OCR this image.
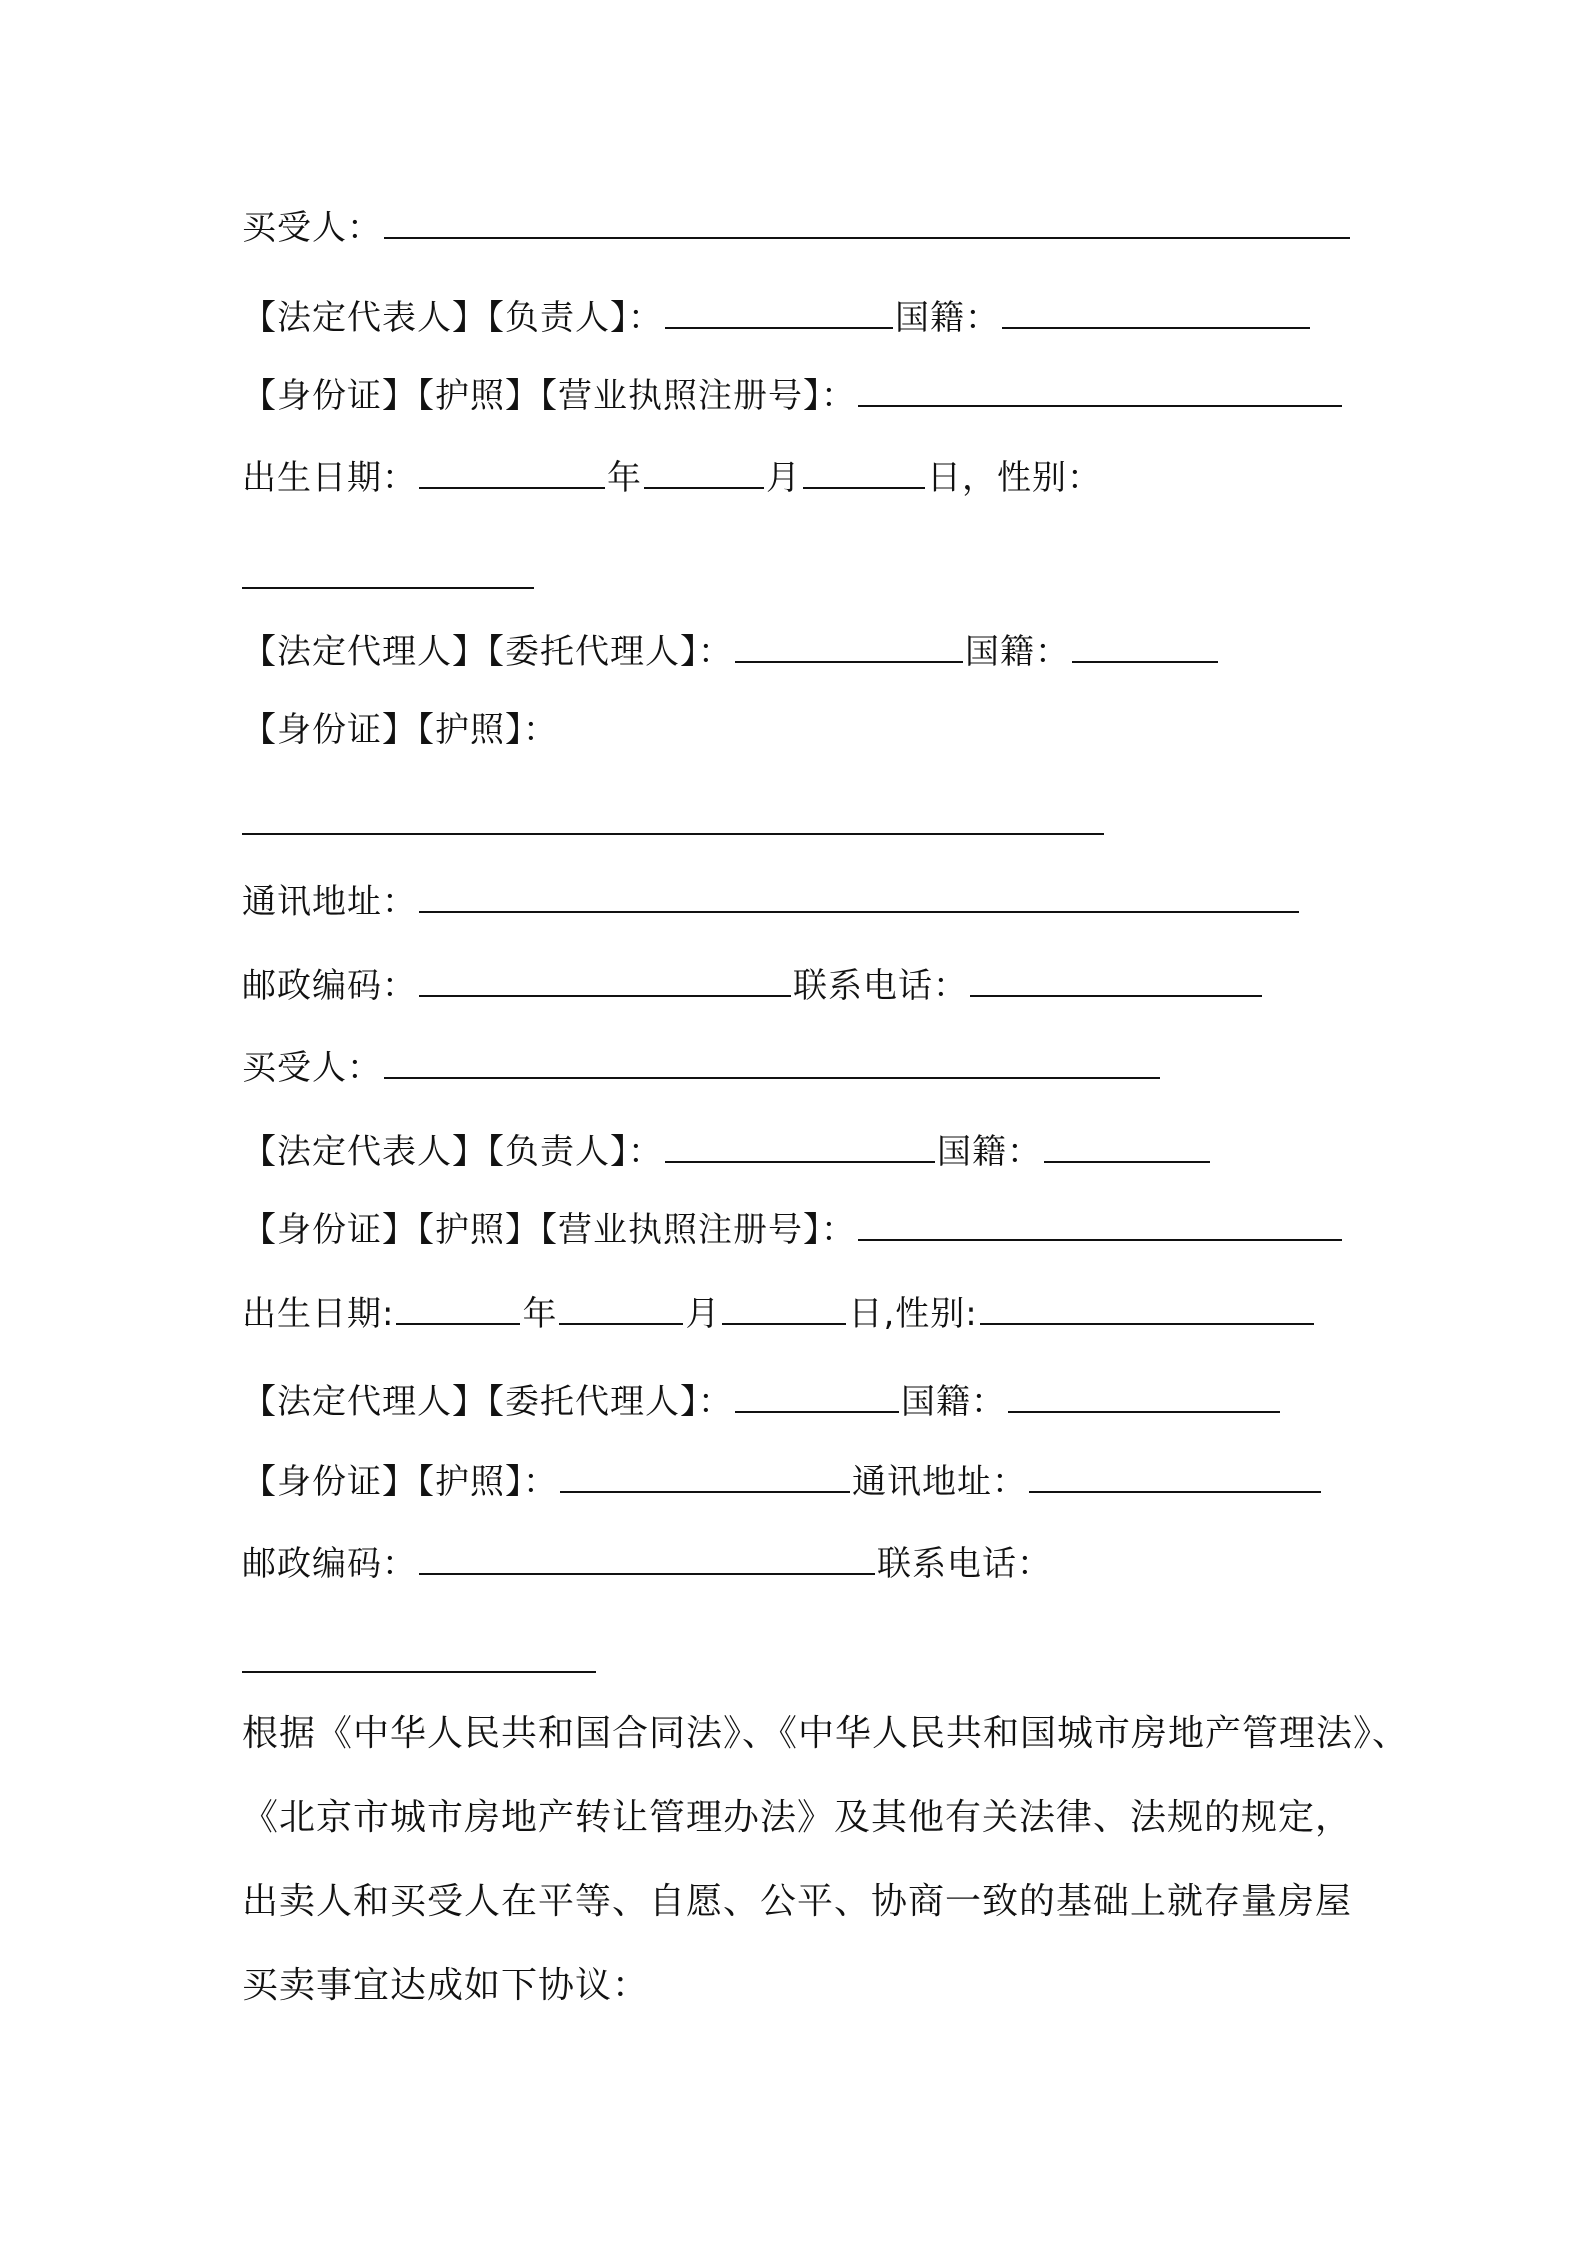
买受人：
【法定代表人】【负责人】：	国籍：
【身份证】【护照】【营业执照注册号】：
出生日期：	年	月	日，性别：
【法定代理人】【委托代理人】：	国籍：
【身份证】【护照】：
通讯地址：
邮政编码：	联系电话：
买受人：
【法定代表人】【负责人】：	国籍：
【身份证】【护照】【营业执照注册号】：
出生日期:	年	月	日,性别:
【法定代理人】【委托代理人】：	国籍：
【身份证】【护照】：	通讯地址：
邮政编码：	联系电话：
根据《中华人民共和国合同法》、《中华人民共和国城市房地产管理法》、
《北京市城市房地产转让管理办法》及其他有关法律、法规的规定，
出卖人和买受人在平等、自愿、公平、协商一致的基础上就存量房屋
买卖事宜达成如下协议：
